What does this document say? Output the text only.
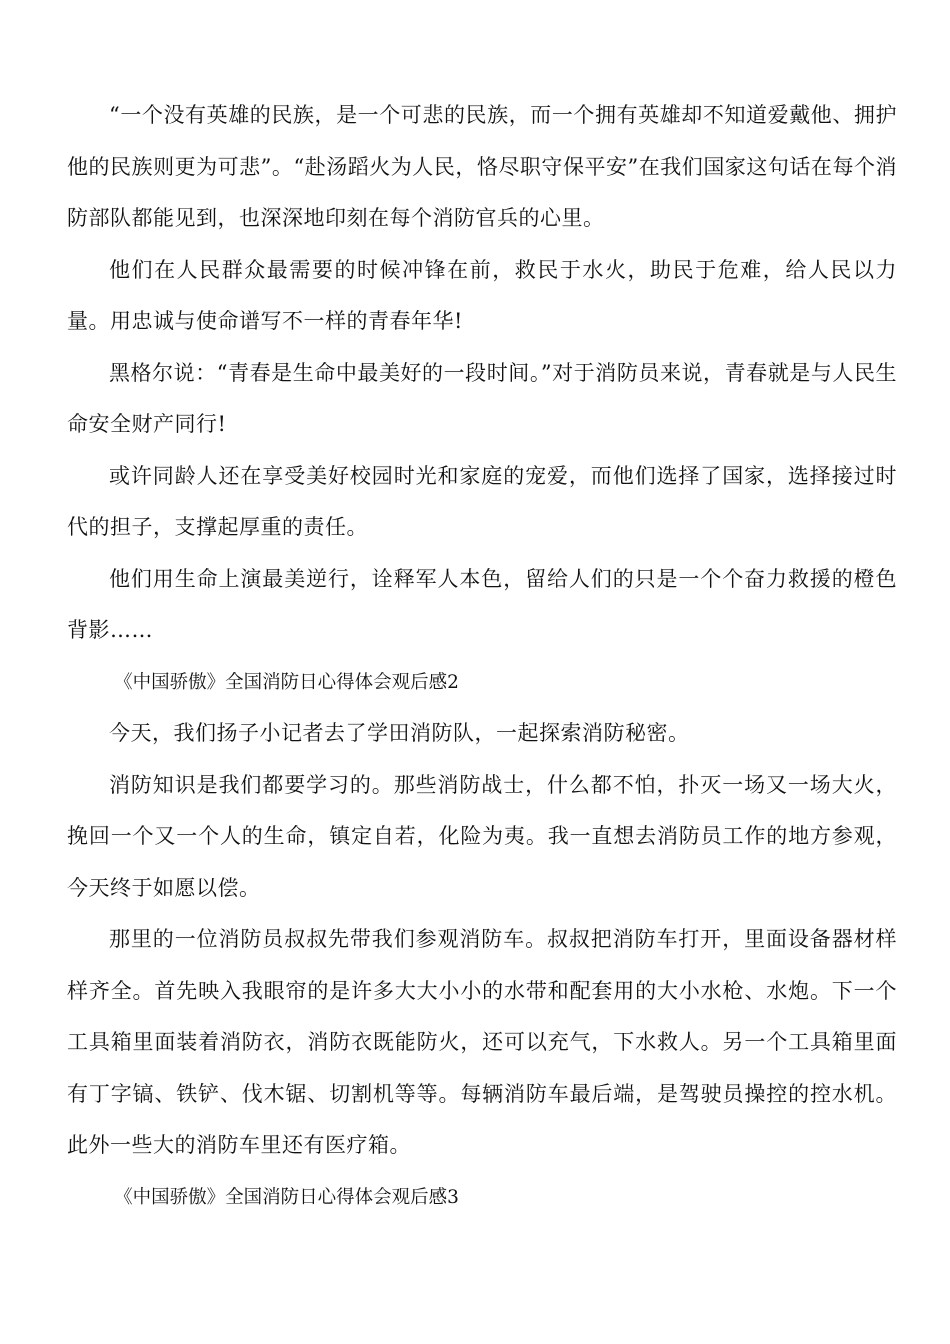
“一个没有英雄的民族，是一个可悲的民族，而一个拥有英雄却不知道爱戴他、拥护他的民族则更为可悲”。“赴汤蹈火为人民，恪尽职守保平安”在我们国家这句话在每个消防部队都能见到，也深深地印刻在每个消防官兵的心里。

他们在人民群众最需要的时候冲锋在前，救民于水火，助民于危难，给人民以力量。用忠诚与使命谱写不一样的青春年华!

黑格尔说：“青春是生命中最美好的一段时间。”对于消防员来说，青春就是与人民生命安全财产同行!

或许同龄人还在享受美好校园时光和家庭的宠爱，而他们选择了国家，选择接过时代的担子，支撑起厚重的责任。

他们用生命上演最美逆行，诠释军人本色，留给人们的只是一个个奋力救援的橙色背影……

《中国骄傲》全国消防日心得体会观后感2

今天，我们扬子小记者去了学田消防队，一起探索消防秘密。

消防知识是我们都要学习的。那些消防战士，什么都不怕，扑灭一场又一场大火，挽回一个又一个人的生命，镇定自若，化险为夷。我一直想去消防员工作的地方参观，今天终于如愿以偿。

那里的一位消防员叔叔先带我们参观消防车。叔叔把消防车打开，里面设备器材样样齐全。首先映入我眼帘的是许多大大小小的水带和配套用的大小水枪、水炮。下一个工具箱里面装着消防衣，消防衣既能防火，还可以充气，下水救人。另一个工具箱里面有丁字镐、铁铲、伐木锯、切割机等等。每辆消防车最后端，是驾驶员操控的控水机。此外一些大的消防车里还有医疗箱。

《中国骄傲》全国消防日心得体会观后感3
